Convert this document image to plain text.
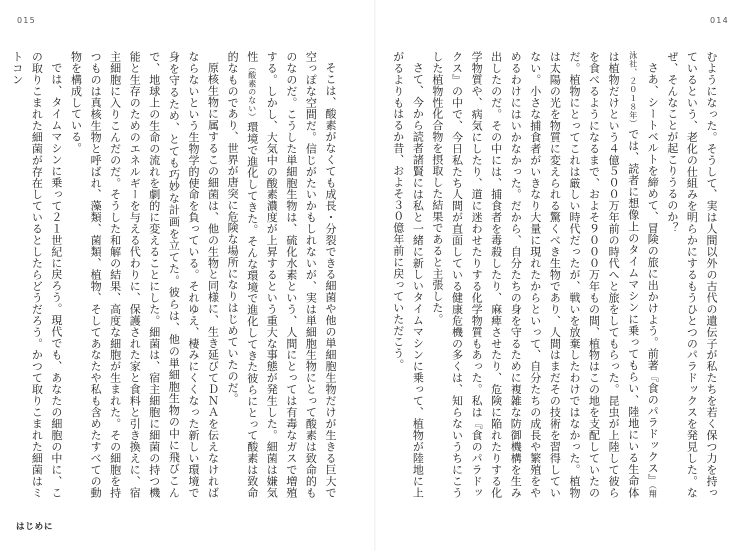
015	014

むようになった。そうして、実は人間以外の古代の遺伝子が私たちを若く保つ力を持っているという、老化の仕組みを明らかにするもうひとつのパラドックスを発見した。なぜ、そんなことが起こりうるのか？

さあ、シートベルトを締めて、冒険の旅に出かけよう。前著『食のパラドックス』（翔泳社、２０１８年）では、読者に想像上のタイムマシンに乗ってもらい、陸地にいる生命体は植物だけという４億５００万年前の時代へと旅をしてもらった。昆虫が上陸して彼らを食べるようになるまで、およそ９０００万年もの間、植物はこの地を支配していたのだ。植物にとってこれは厳しい時代だったが、戦いを放棄したわけではなかった。植物は太陽の光を物質に変えられる驚くべき生物であり、人間はまだその技術を習得していない。小さな捕食者がいきなり大量に現れたからといって、自分たちの成長や繁殖をやめるわけにはいかなかった。だから、自分たちの身を守るために複雑な防御機構を生み出したのだ。その中には、捕食者を毒殺したり、麻痺させたり、危険に陥れたりする化学物質や、病気にしたり、道に迷わせたりする化学物質もあった。私は『食のパラドックス』の中で、今日私たち人間が直面している健康危機の多くは、知らないうちにこうした植物性化合物を摂取した結果であると主張した。

さて、今から読者諸賢には私と一緒に新しいタイムマシンに乗って、植物が陸地に上がるよりもはるか昔、およそ３０億年前に戻っていただこう。

そこは、酸素がなくても成長・分裂できる細菌や他の単細胞生物だけが生きる巨大で空っぽな空間だ。信じがたいかもしれないが、実は単細胞生物にとって酸素は致命的ものなのだ。こうした単細胞生物は、硫化水素という、人間にとっては有毒なガスで増殖する。しかし、大気中の酸素濃度が上昇するという重大な事態が発生した。細菌は嫌気性（酸素のない）環境で進化してきた。そんな環境で進化してきた彼らにとって酸素は致命的なものであり、世界が唐突に危険な場所になりはじめていたのだ。

原核生物に属するこの細菌は、他の生物と同様に、生き延びてＤＮＡを伝えなければならないという生物学的使命を負っている。それゆえ、棲みにくくなった新しい環境で身を守るため、とても巧妙な計画を立てた。彼らは、他の単細胞生物の中に飛びこんで、地球上の生命の流れを劇的に変えることにした。細菌は、宿主細胞に細菌の持つ機能と生存のためのエネルギーを与える代わりに、保護された家と食料と引き換えに、宿主細胞に入りこんだのだ。そうした和解の結果、高度な細胞が生まれた。その細胞を持つものは真核生物と呼ばれ、藻類、菌類、植物、そしてあなたや私も含めたすべての動物を構成している。

では、タイムマシンに乗って２１世紀に戻ろう。現代でも、あなたの細胞の中に、この取りこまれた細菌が存在しているとしたらどうだろう。かつて取りこまれた細菌はミトコン

はじめに
